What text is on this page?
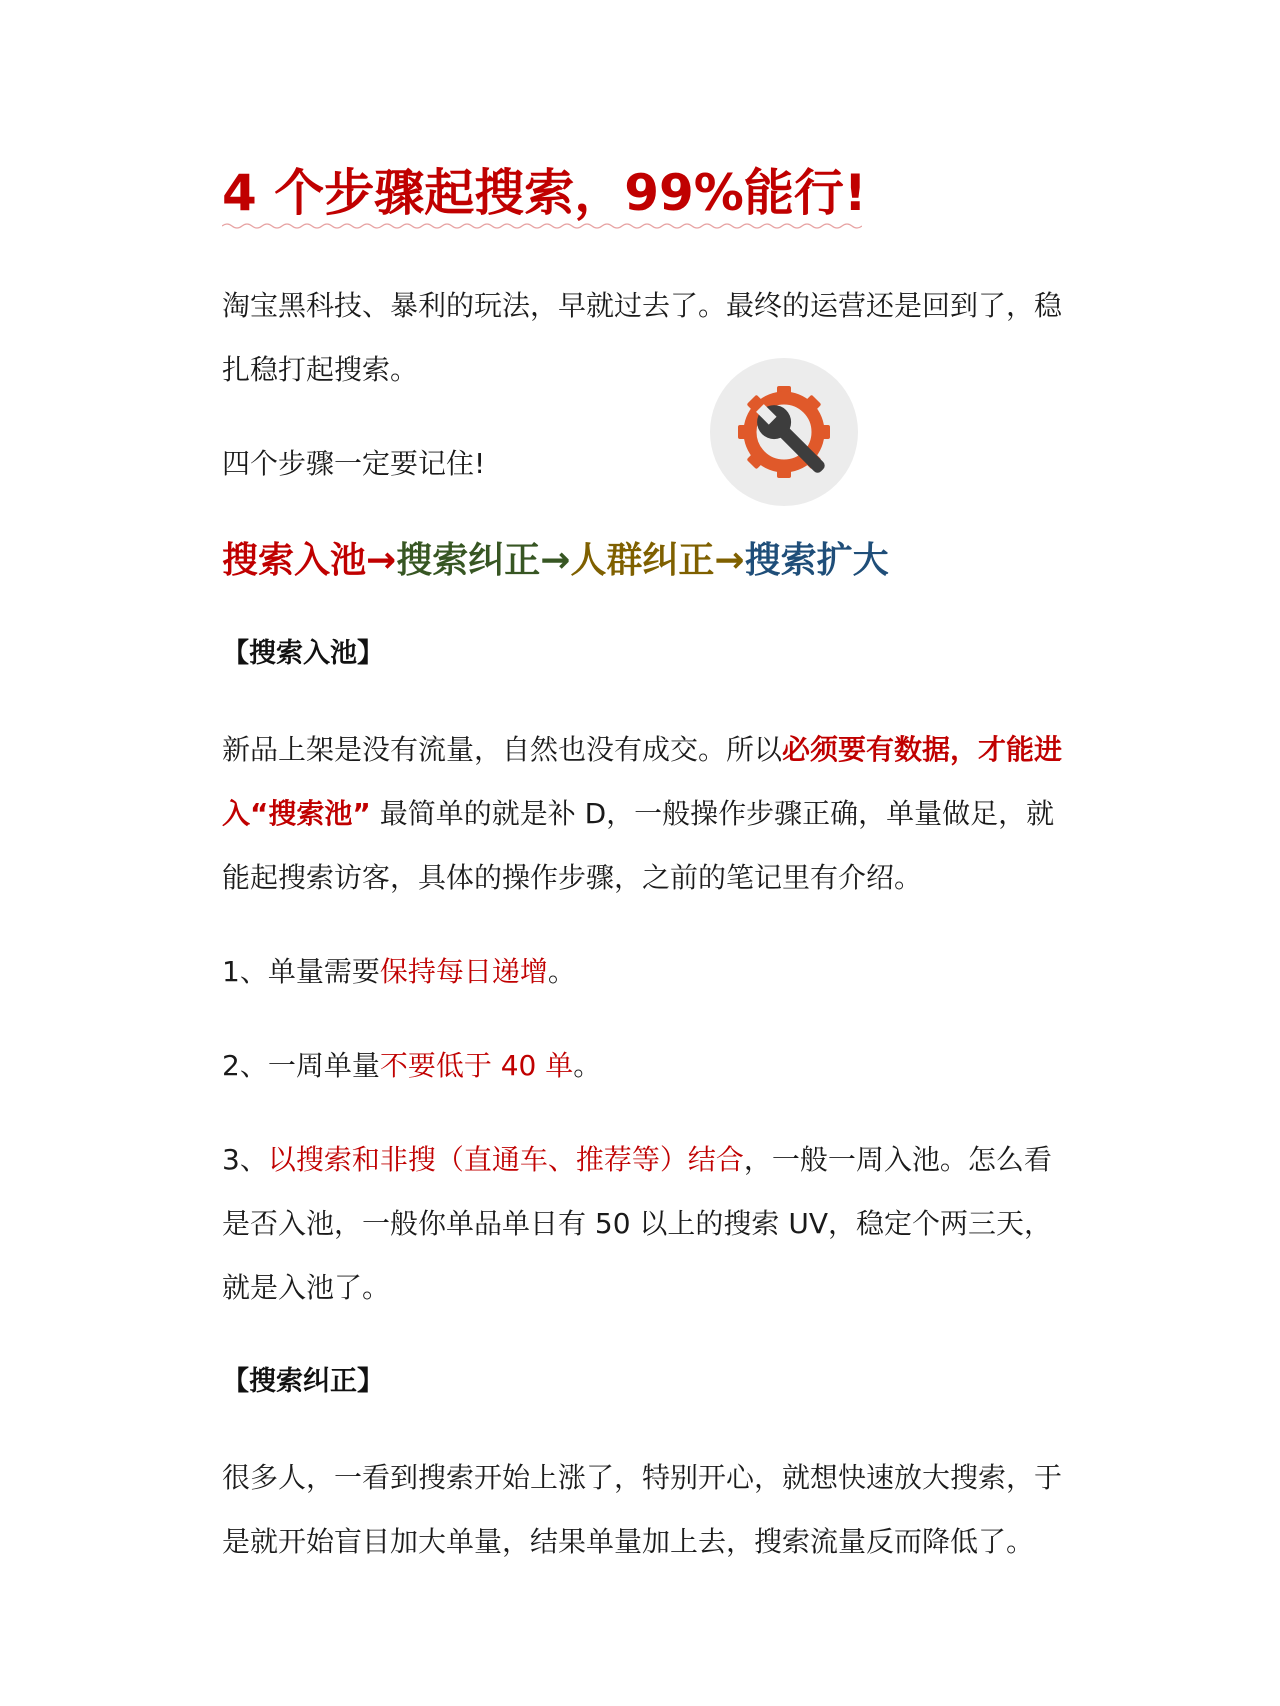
4 个步骤起搜索，99%能行!

淘宝黑科技、暴利的玩法，早就过去了。最终的运营还是回到了，稳

扎稳打起搜索。

四个步骤一定要记住!

搜索入池→搜索纠正→人群纠正→搜索扩大

【搜索入池】

新品上架是没有流量，自然也没有成交。所以必须要有数据，才能进

入“搜索池” 最简单的就是补 D，一般操作步骤正确，单量做足，就

能起搜索访客，具体的操作步骤，之前的笔记里有介绍。

1、单量需要保持每日递增。

2、一周单量不要低于 40 单。

3、以搜索和非搜（直通车、推荐等）结合，一般一周入池。怎么看

是否入池，一般你单品单日有 50 以上的搜索 UV，稳定个两三天，

就是入池了。

【搜索纠正】

很多人，一看到搜索开始上涨了，特别开心，就想快速放大搜索，于

是就开始盲目加大单量，结果单量加上去，搜索流量反而降低了。
